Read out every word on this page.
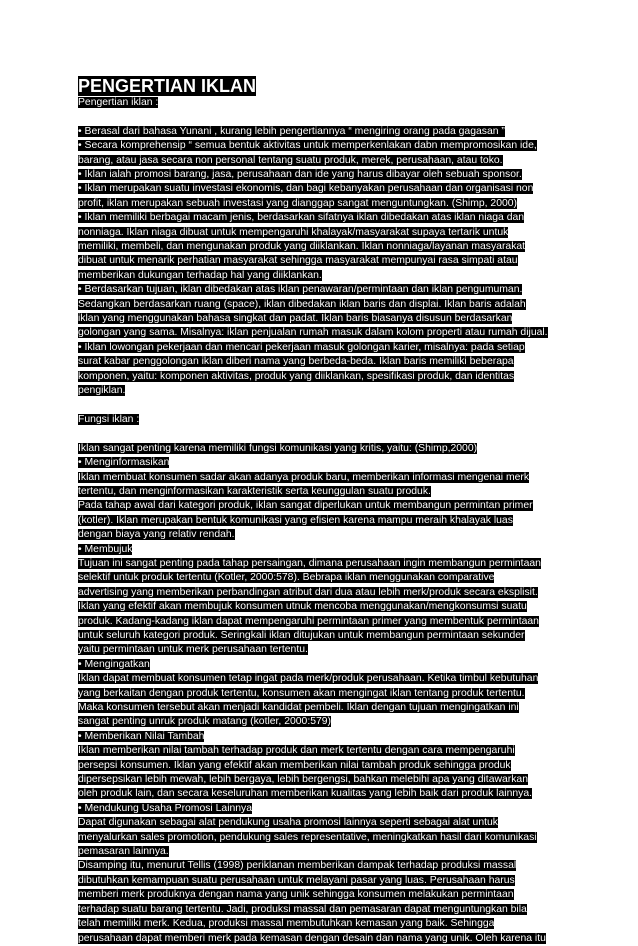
PENGERTIAN IKLAN
Pengertian iklan :
• Berasal dari bahasa Yunani , kurang lebih pengertiannya “ mengiring orang pada gagasan ”
• Secara komprehensip “ semua bentuk aktivitas untuk memperkenlakan dabn mempromosikan ide,
barang, atau jasa secara non personal tentang suatu produk, merek, perusahaan, atau toko.
• Iklan ialah promosi barang, jasa, perusahaan dan ide yang harus dibayar oleh sebuah sponsor.
• Iklan merupakan suatu investasi ekonomis, dan bagi kebanyakan perusahaan dan organisasi non
profit, iklan merupakan sebuah investasi yang dianggap sangat menguntungkan. (Shimp, 2000)
• Iklan memiliki berbagai macam jenis, berdasarkan sifatnya iklan dibedakan atas iklan niaga dan
nonniaga. Iklan niaga dibuat untuk mempengaruhi khalayak/masyarakat supaya tertarik untuk
memiliki, membeli, dan mengunakan produk yang diiklankan. Iklan nonniaga/layanan masyarakat
dibuat untuk menarik perhatian masyarakat sehingga masyarakat mempunyai rasa simpati atau
memberikan dukungan terhadap hal yang diiklankan.
• Berdasarkan tujuan, iklan dibedakan atas iklan penawaran/permintaan dan iklan pengumuman.
Sedangkan berdasarkan ruang (space), iklan dibedakan iklan baris dan displai. Iklan baris adalah
iklan yang menggunakan bahasa singkat dan padat. Iklan baris biasanya disusun berdasarkan
golongan yang sama. Misalnya: iklan penjualan rumah masuk dalam kolom properti atau rumah dijual.
• Iklan lowongan pekerjaan dan mencari pekerjaan masuk golongan karier, misalnya: pada setiap
surat kabar penggolongan iklan diberi nama yang berbeda-beda. Iklan baris memiliki beberapa
komponen, yaitu: komponen aktivitas, produk yang diiklankan, spesifikasi produk, dan identitas
pengiklan.
Fungsi iklan :
Iklan sangat penting karena memiliki fungsi komunikasi yang kritis, yaitu: (Shimp,2000)
• Menginformasikan
Iklan membuat konsumen sadar akan adanya produk baru, memberikan informasi mengenai merk
tertentu, dan menginformasikan karakteristik serta keunggulan suatu produk.
Pada tahap awal dari kategori produk, iklan sangat diperlukan untuk membangun permintan primer
(kotler). Iklan merupakan bentuk komunikasi yang efisien karena mampu meraih khalayak luas
dengan biaya yang relativ rendah.
• Membujuk
Tujuan ini sangat penting pada tahap persaingan, dimana perusahaan ingin membangun permintaan
selektif untuk produk tertentu (Kotler, 2000:578). Bebrapa iklan menggunakan comparative
advertising yang memberikan perbandingan atribut dari dua atau lebih merk/produk secara eksplisit.
Iklan yang efektif akan membujuk konsumen utnuk mencoba menggunakan/mengkonsumsi suatu
produk. Kadang-kadang iklan dapat mempengaruhi permintaan primer yang membentuk permintaan
untuk seluruh kategori produk. Seringkali iklan ditujukan untuk membangun permintaan sekunder
yaitu permintaan untuk merk perusahaan tertentu.
• Mengingatkan
Iklan dapat membuat konsumen tetap ingat pada merk/produk perusahaan. Ketika timbul kebutuhan
yang berkaitan dengan produk tertentu, konsumen akan mengingat iklan tentang produk tertentu.
Maka konsumen tersebut akan menjadi kandidat pembeli. Iklan dengan tujuan mengingatkan ini
sangat penting unruk produk matang (kotler, 2000:579)
• Memberikan Nilai Tambah
Iklan memberikan nilai tambah terhadap produk dan merk tertentu dengan cara mempengaruhi
persepsi konsumen. Iklan yang efektif akan memberikan nilai tambah produk sehingga produk
dipersepsikan lebih mewah, lebih bergaya, lebih bergengsi, bahkan melebihi apa yang ditawarkan
oleh produk lain, dan secara keseluruhan memberikan kualitas yang lebih baik dari produk lainnya.
• Mendukung Usaha Promosi Lainnya
Dapat digunakan sebagai alat pendukung usaha promosi lainnya seperti sebagai alat untuk
menyalurkan sales promotion, pendukung sales representative, meningkatkan hasil dari komunikasi
pemasaran lainnya.
Disamping itu, menurut Tellis (1998) periklanan memberikan dampak terhadap produksi massal
dibutuhkan kemampuan suatu perusahaan untuk melayani pasar yang luas. Perusahaan harus
memberi merk produknya dengan nama yang unik sehingga konsumen melakukan permintaan
terhadap suatu barang tertentu. Jadi, produksi massal dan pemasaran dapat menguntungkan bila
telah memiliki merk. Kedua, produksi massal membutuhkan kemasan yang baik. Sehingga
perusahaan dapat memberi merk pada kemasan dengan desain dan nama yang unik. Oleh karena itu
